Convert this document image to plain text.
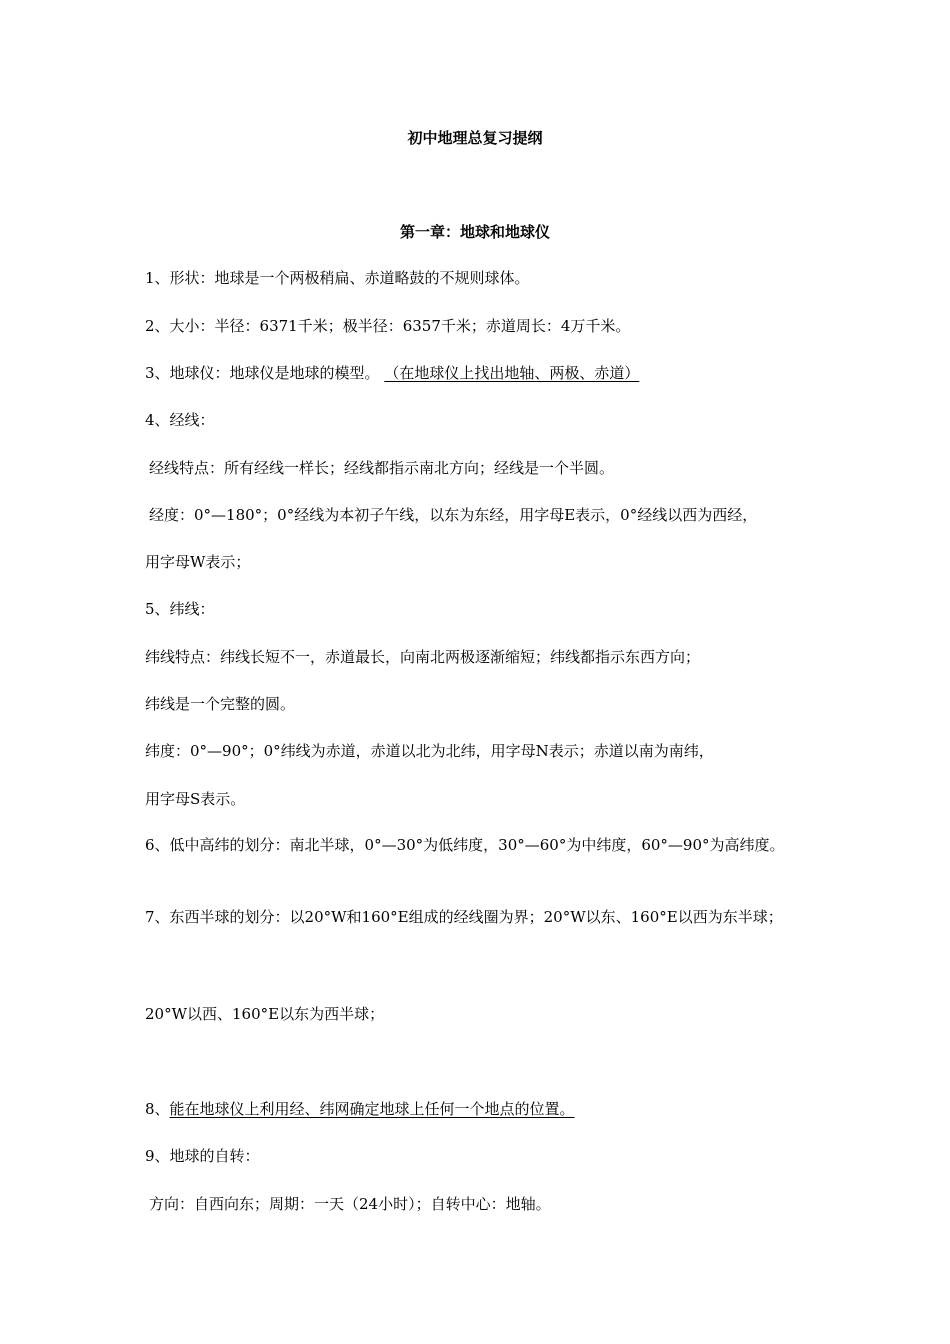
初中地理总复习提纲
第一章：地球和地球仪
1、形状：地球是一个两极稍扁、赤道略鼓的不规则球体。
2、大小：半径：6371千米；极半径：6357千米；赤道周长：4万千米。
3、地球仪：地球仪是地球的模型。 （在地球仪上找出地轴、两极、赤道）
4、经线：
经线特点：所有经线一样长；经线都指示南北方向；经线是一个半圆。
经度：0°—180°；0°经线为本初子午线，以东为东经，用字母E表示，0°经线以西为西经，
用字母W表示；
5、纬线：
纬线特点：纬线长短不一，赤道最长，向南北两极逐渐缩短；纬线都指示东西方向；
纬线是一个完整的圆。
纬度：0°—90°；0°纬线为赤道，赤道以北为北纬，用字母N表示；赤道以南为南纬，
用字母S表示。
6、低中高纬的划分：南北半球，0°—30°为低纬度，30°—60°为中纬度，60°—90°为高纬度。
7、东西半球的划分：以20°W和160°E组成的经线圈为界；20°W以东、160°E以西为东半球；
20°W以西、160°E以东为西半球；
8、能在地球仪上利用经、纬网确定地球上任何一个地点的位置。
9、地球的自转：
方向：自西向东；周期：一天（24小时）；自转中心：地轴。
